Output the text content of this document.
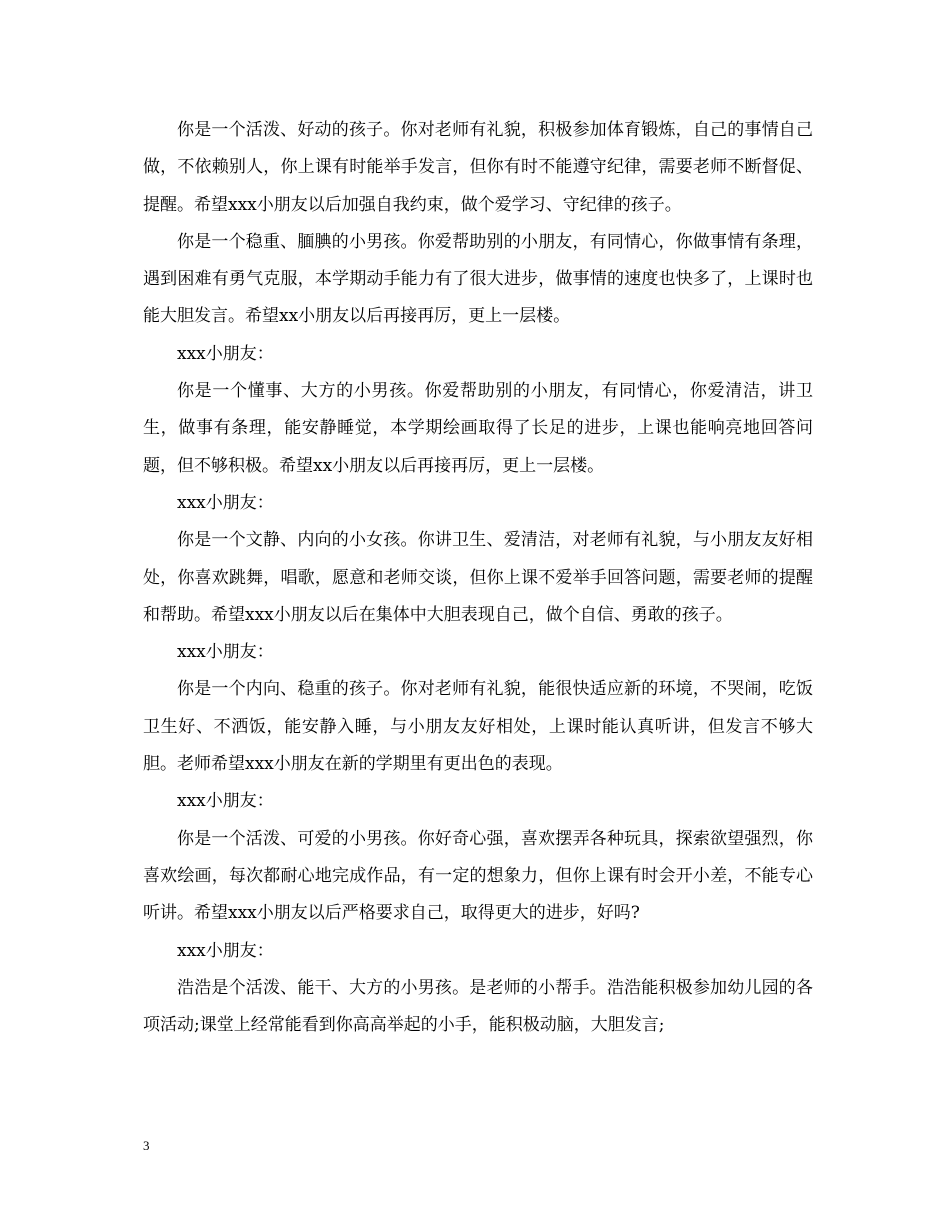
你是一个活泼、好动的孩子。你对老师有礼貌，积极参加体育锻炼，自己的事情自己做，不依赖别人，你上课有时能举手发言，但你有时不能遵守纪律，需要老师不断督促、提醒。希望xxx小朋友以后加强自我约束，做个爱学习、守纪律的孩子。

你是一个稳重、腼腆的小男孩。你爱帮助别的小朋友，有同情心，你做事情有条理，遇到困难有勇气克服，本学期动手能力有了很大进步，做事情的速度也快多了，上课时也能大胆发言。希望xx小朋友以后再接再厉，更上一层楼。

xxx小朋友：

你是一个懂事、大方的小男孩。你爱帮助别的小朋友，有同情心，你爱清洁，讲卫生，做事有条理，能安静睡觉，本学期绘画取得了长足的进步，上课也能响亮地回答问题，但不够积极。希望xx小朋友以后再接再厉，更上一层楼。

xxx小朋友：

你是一个文静、内向的小女孩。你讲卫生、爱清洁，对老师有礼貌，与小朋友友好相处，你喜欢跳舞，唱歌，愿意和老师交谈，但你上课不爱举手回答问题，需要老师的提醒和帮助。希望xxx小朋友以后在集体中大胆表现自己，做个自信、勇敢的孩子。

xxx小朋友：

你是一个内向、稳重的孩子。你对老师有礼貌，能很快适应新的环境，不哭闹，吃饭卫生好、不洒饭，能安静入睡，与小朋友友好相处，上课时能认真听讲，但发言不够大胆。老师希望xxx小朋友在新的学期里有更出色的表现。

xxx小朋友：

你是一个活泼、可爱的小男孩。你好奇心强，喜欢摆弄各种玩具，探索欲望强烈，你喜欢绘画，每次都耐心地完成作品，有一定的想象力，但你上课有时会开小差，不能专心听讲。希望xxx小朋友以后严格要求自己，取得更大的进步，好吗?

xxx小朋友：

浩浩是个活泼、能干、大方的小男孩。是老师的小帮手。浩浩能积极参加幼儿园的各项活动;课堂上经常能看到你高高举起的小手，能积极动脑，大胆发言;

3
